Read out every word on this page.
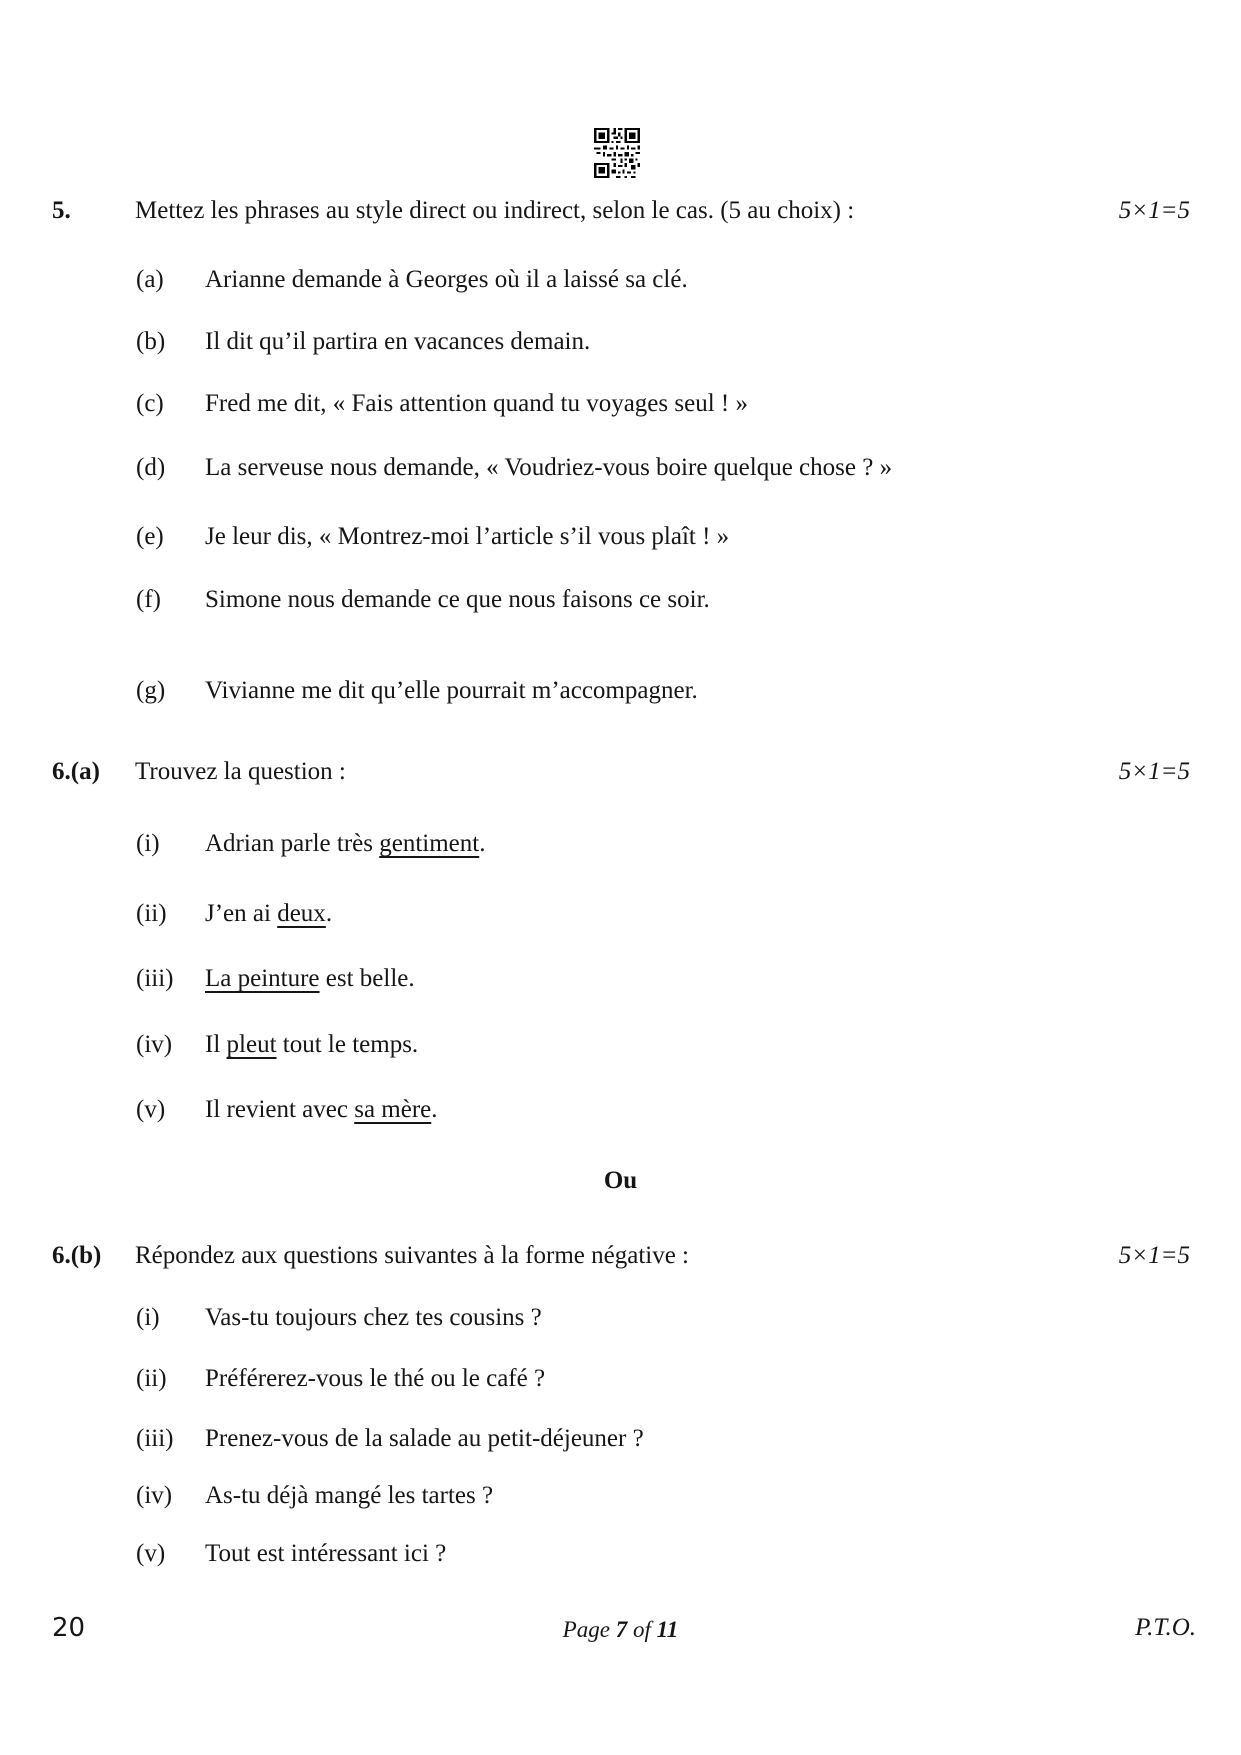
5.	Mettez les phrases au style direct ou indirect, selon le cas. (5 au choix) :	5×1=5
(a) Arianne demande à Georges où il a laissé sa clé.
(b) Il dit qu’il partira en vacances demain.
(c) Fred me dit, « Fais attention quand tu voyages seul ! »
(d) La serveuse nous demande, « Voudriez-vous boire quelque chose ? »
(e) Je leur dis, « Montrez-moi l’article s’il vous plaît ! »
(f) Simone nous demande ce que nous faisons ce soir.
(g) Vivianne me dit qu’elle pourrait m’accompagner.
6.(a) Trouvez la question :	5×1=5
(i) Adrian parle très gentiment.
(ii) J’en ai deux.
(iii) La peinture est belle.
(iv) Il pleut tout le temps.
(v) Il revient avec sa mère.
Ou
6.(b) Répondez aux questions suivantes à la forme négative :	5×1=5
(i) Vas-tu toujours chez tes cousins ?
(ii) Préférerez-vous le thé ou le café ?
(iii) Prenez-vous de la salade au petit-déjeuner ?
(iv) As-tu déjà mangé les tartes ?
(v) Tout est intéressant ici ?
20	Page 7 of 11	P.T.O.
